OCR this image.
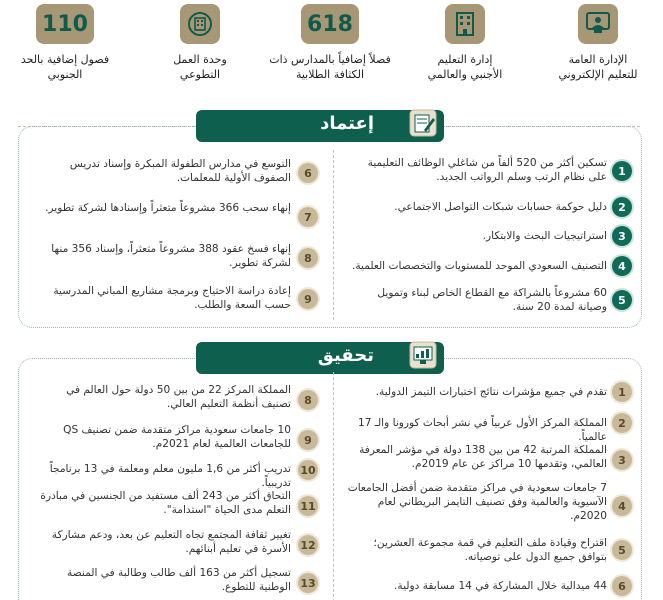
الإدارة العامة
للتعليم الإلكتروني
إدارة التعليم
الأجنبي والعالمي
618
فصلاً إضافياً بالمدارس ذات
الكثافة الطلابية
وحدة العمل
التطوعي
110
فصول إضافية بالحد
الجنوبي
إعتماد
1
تسكين أكثر من 520 ألفاً من شاغلي الوظائف التعليمية على نظام الرتب وسلم الرواتب الجديد.
2
دليل حوكمة حسابات شبكات التواصل الاجتماعي.
3
استراتيجيات البحث والابتكار.
4
التصنيف السعودي الموحد للمستويات والتخصصات العلمية.
5
60 مشروعاً بالشراكة مع القطاع الخاص لبناء وتمويل وصيانة لمدة 20 سنة.
6
التوسع في مدارس الطفولة المبكرة وإسناد تدريس الصفوف الأولية للمعلمات.
7
إنهاء سحب 366 مشروعاً متعثراً وإسنادها لشركة تطوير.
8
إنهاء فسخ عقود 388 مشروعاً متعثراً، وإسناد 356 منها لشركة تطوير.
9
إعادة دراسة الاحتياج وبرمجة مشاريع المباني المدرسية حسب السعة والطلب.
تحقيق
1
تقدم في جميع مؤشرات نتائج اختبارات التيمز الدولية.
2
المملكة المركز الأول عربياً في نشر أبحاث كورونا والـ 17 عالمياً.
3
المملكة المرتبة 42 من بين 138 دولة في مؤشر المعرفة العالمي، وتقدمها 10 مراكز عن عام 2019م.
4
7 جامعات سعودية في مراكز متقدمة ضمن أفضل الجامعات الآسيوية والعالمية وفق تصنيف التايمز البريطاني لعام 2020م.
5
اقتراح وقيادة ملف التعليم في قمة مجموعة العشرين؛ بتوافق جميع الدول على توصياته.
6
44 ميدالية خلال المشاركة في 14 مسابقة دولية.
8
المملكة المركز 22 من بين 50 دولة حول العالم في تصنيف أنظمة التعليم العالي.
9
10 جامعات سعودية مراكز متقدمة ضمن تصنيف QS للجامعات العالمية لعام 2021م.
10
تدريب أكثر من 1,6 مليون معلم ومعلمة في 13 برنامجاً تدريبياً.
11
التحاق أكثر من 243 ألف مستفيد من الجنسين في مبادرة التعلم مدى الحياة "استدامة".
12
تغيير ثقافة المجتمع تجاه التعليم عن بعد، ودعم مشاركة الأسرة في تعليم أبنائهم.
13
تسجيل أكثر من 163 ألف طالب وطالبة في المنصة الوطنية للتطوع.
